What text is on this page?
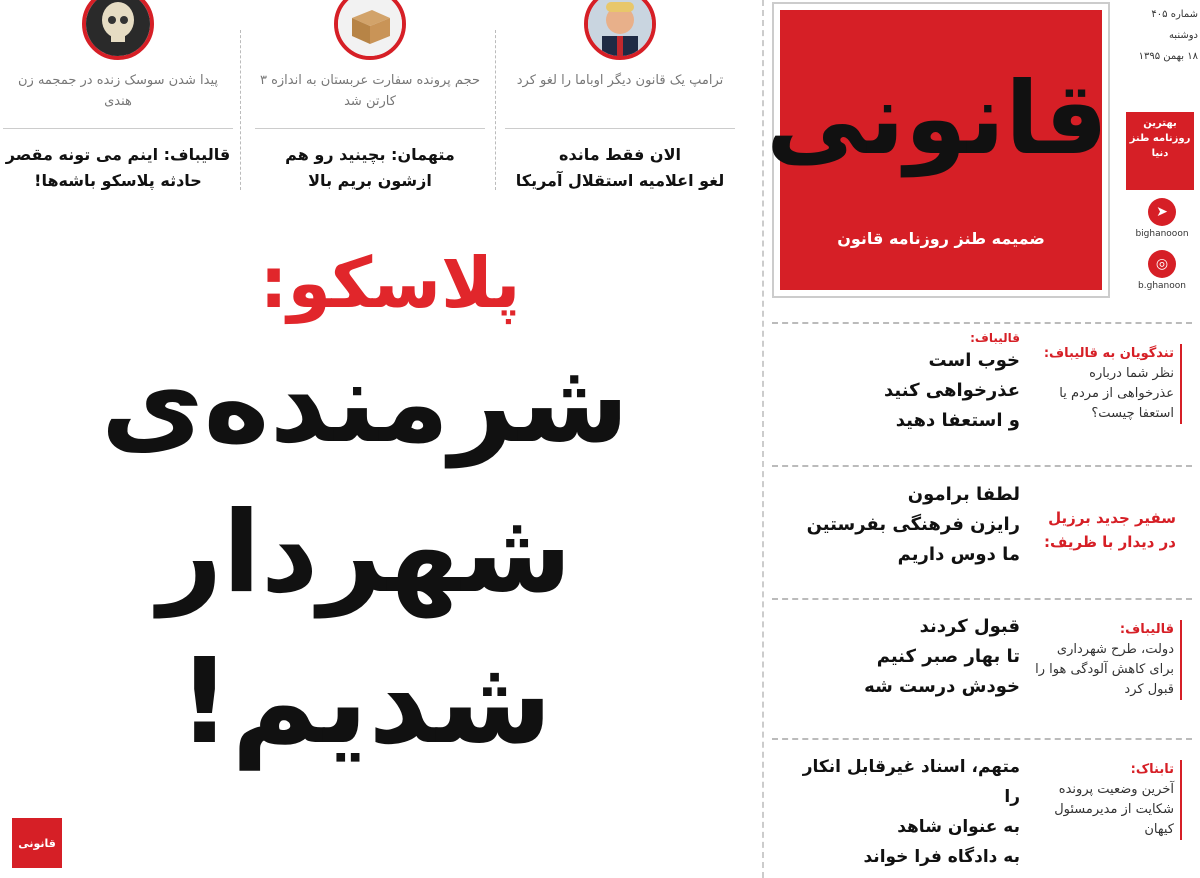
ترامپ یک قانون دیگر اوباما را لغو کرد
الان فقط مانده
لغو اعلامیه استقلال آمریکا
حجم پرونده سفارت عربستان به اندازه ۳ کارتن شد
متهمان: بچینید رو هم
ازشون بریم بالا
پیدا شدن سوسک زنده در جمجمه زن هندی
قالیباف: اینم می تونه مقصر
حادثه پلاسکو باشه‌ها!
پلاسکو:
شرمنده‌ی
شهردار
شدیم!
قانونی
قانونی
ضمیمه طنز روزنامه قانون
شماره ۴۰۵
دوشنبه
۱۸ بهمن ۱۳۹۵
بهترین روزنامه طنز دنیا
➤
bighanooon
◎
b.ghanoon
قالیباف:
خوب است
عذرخواهی کنید
و استعفا دهید
تندگویان به قالیباف:
نظر شما درباره عذرخواهی از مردم یا استعفا چیست؟
لطفا برامون
رایزن فرهنگی بفرستین
ما دوس داریم
سفیر جدید برزیل در دیدار با ظریف:
قبول کردند
تا بهار صبر کنیم
خودش درست شه
قالیباف:
دولت، طرح شهرداری برای کاهش آلودگی هوا را قبول کرد
متهم، اسناد غیرقابل انکار را
به عنوان شاهد
به دادگاه فرا خواند
تابناک:
آخرین وضعیت پرونده شکایت از مدیرمسئول کیهان
